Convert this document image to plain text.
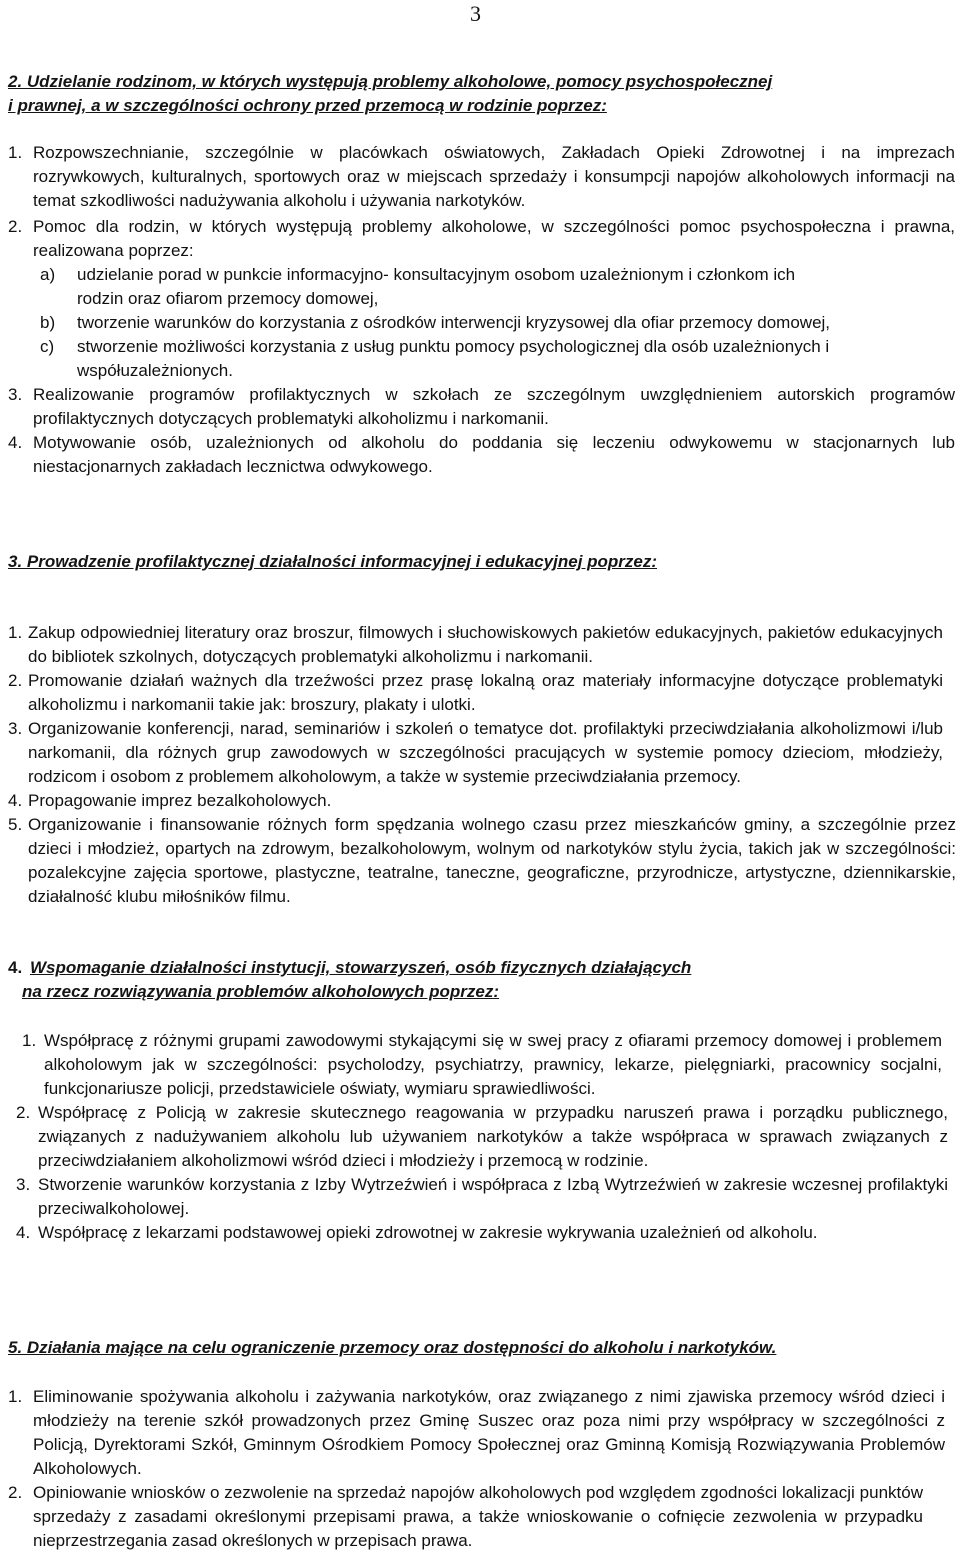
3

2. Udzielanie rodzinom, w których występują problemy alkoholowe, pomocy psychospołecznej

i prawnej, a w szczególności ochrony przed przemocą w rodzinie poprzez:

1. Rozpowszechnianie, szczególnie w placówkach oświatowych, Zakładach Opieki Zdrowotnej i na imprezach rozrywkowych, kulturalnych, sportowych oraz w miejscach sprzedaży i konsumpcji napojów alkoholowych informacji na temat szkodliwości nadużywania alkoholu i używania narkotyków.
2. Pomoc dla rodzin, w których występują problemy alkoholowe, w szczególności pomoc psychospołeczna i prawna, realizowana poprzez:
a) udzielanie porad w punkcie informacyjno- konsultacyjnym osobom uzależnionym i członkom ich rodzin oraz ofiarom przemocy domowej,
b) tworzenie warunków do korzystania z ośrodków interwencji kryzysowej dla ofiar przemocy domowej,
c) stworzenie możliwości korzystania z usług punktu pomocy psychologicznej dla osób uzależnionych i współuzależnionych.
3. Realizowanie programów profilaktycznych w szkołach ze szczególnym uwzględnieniem autorskich programów profilaktycznych dotyczących problematyki alkoholizmu i narkomanii.
4. Motywowanie osób, uzależnionych od alkoholu do poddania się leczeniu odwykowemu w stacjonarnych lub niestacjonarnych zakładach lecznictwa odwykowego.

3. Prowadzenie profilaktycznej działalności informacyjnej i edukacyjnej poprzez:

1. Zakup odpowiedniej literatury oraz broszur, filmowych i słuchowiskowych pakietów edukacyjnych, pakietów edukacyjnych do bibliotek szkolnych, dotyczących problematyki alkoholizmu i narkomanii.
2. Promowanie działań ważnych dla trzeźwości przez prasę lokalną oraz materiały informacyjne dotyczące problematyki alkoholizmu i narkomanii takie jak: broszury, plakaty i ulotki.
3. Organizowanie konferencji, narad, seminariów i szkoleń o tematyce dot. profilaktyki przeciwdziałania alkoholizmowi i/lub narkomanii, dla różnych grup zawodowych w szczególności pracujących w systemie pomocy dzieciom, młodzieży, rodzicom i osobom z problemem alkoholowym, a także w systemie przeciwdziałania przemocy.
4. Propagowanie imprez bezalkoholowych.
5. Organizowanie i finansowanie różnych form spędzania wolnego czasu przez mieszkańców gminy, a szczególnie przez dzieci i młodzież, opartych na zdrowym, bezalkoholowym, wolnym od narkotyków stylu życia, takich jak w szczególności: pozalekcyjne zajęcia sportowe, plastyczne, teatralne, taneczne, geograficzne, przyrodnicze, artystyczne, dziennikarskie, działalność klubu miłośników filmu.
4. Wspomaganie działalności instytucji, stowarzyszeń, osób fizycznych działających

na rzecz rozwiązywania problemów alkoholowych poprzez:

1. Współpracę z różnymi grupami zawodowymi stykającymi się w swej pracy z ofiarami przemocy domowej i problemem alkoholowym jak w szczególności: psycholodzy, psychiatrzy, prawnicy, lekarze, pielęgniarki, pracownicy socjalni, funkcjonariusze policji, przedstawiciele oświaty, wymiaru sprawiedliwości.
2. Współpracę z Policją w zakresie skutecznego reagowania w przypadku naruszeń prawa i porządku publicznego, związanych z nadużywaniem alkoholu lub używaniem narkotyków a także współpraca w sprawach związanych z przeciwdziałaniem alkoholizmowi wśród dzieci i młodzieży i przemocą w rodzinie.
3. Stworzenie warunków korzystania z Izby Wytrzeźwień i współpraca z Izbą Wytrzeźwień w zakresie wczesnej profilaktyki przeciwalkoholowej.
4. Współpracę z lekarzami podstawowej opieki zdrowotnej w zakresie wykrywania uzależnień od alkoholu.

5. Działania mające na celu ograniczenie przemocy oraz dostępności do alkoholu i narkotyków.

1. Eliminowanie spożywania alkoholu i zażywania narkotyków, oraz związanego z nimi zjawiska przemocy wśród dzieci i młodzieży na terenie szkół prowadzonych przez Gminę Suszec oraz poza nimi przy współpracy w szczególności z Policją, Dyrektorami Szkół, Gminnym Ośrodkiem Pomocy Społecznej oraz Gminną Komisją Rozwiązywania Problemów Alkoholowych.
2. Opiniowanie wniosków o zezwolenie na sprzedaż napojów alkoholowych pod względem zgodności lokalizacji punktów sprzedaży z zasadami określonymi przepisami prawa, a także wnioskowanie o cofnięcie zezwolenia w przypadku nieprzestrzegania zasad określonych w przepisach prawa.
